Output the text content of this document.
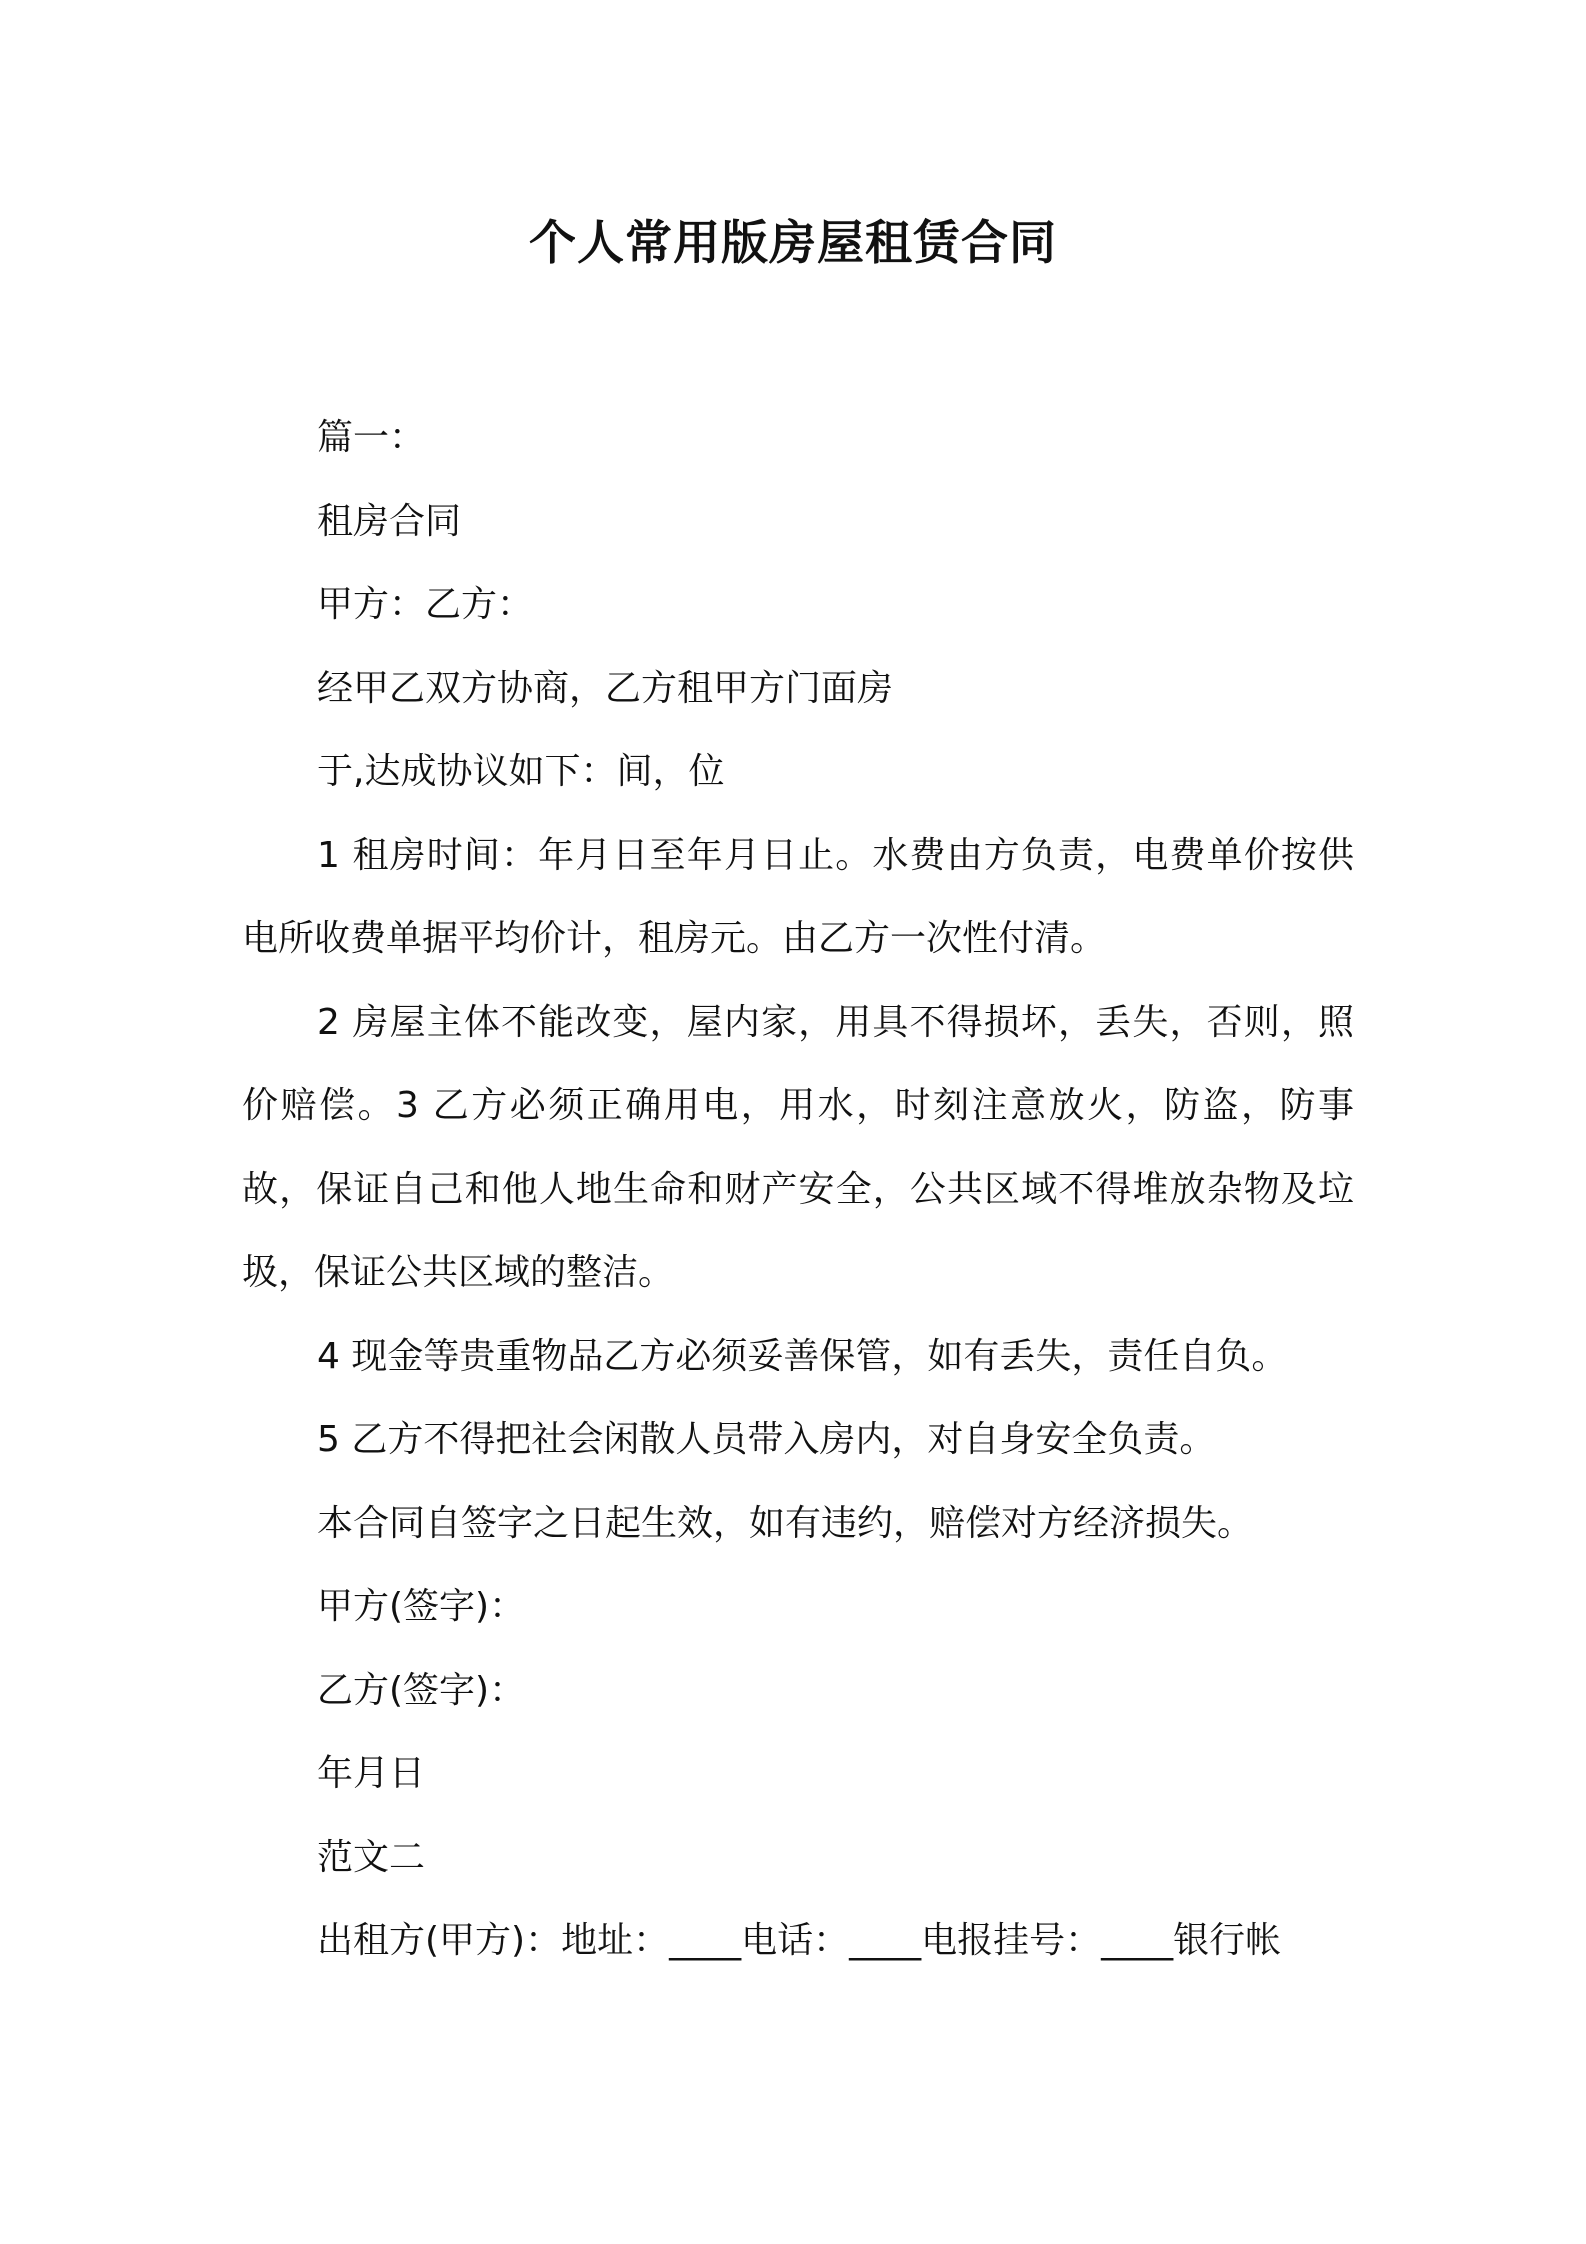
个人常用版房屋租赁合同

篇一：

租房合同

甲方：乙方：

经甲乙双方协商，乙方租甲方门面房

于,达成协议如下：间，位

1 租房时间：年月日至年月日止。水费由方负责，电费单价按供电所收费单据平均价计，租房元。由乙方一次性付清。

2 房屋主体不能改变，屋内家，用具不得损坏，丢失，否则，照价赔偿。3 乙方必须正确用电，用水，时刻注意放火，防盗，防事故，保证自己和他人地生命和财产安全，公共区域不得堆放杂物及垃圾，保证公共区域的整洁。

4 现金等贵重物品乙方必须妥善保管，如有丢失，责任自负。

5 乙方不得把社会闲散人员带入房内，对自身安全负责。

本合同自签字之日起生效，如有违约，赔偿对方经济损失。

甲方(签字)：

乙方(签字)：

年月日

范文二

出租方(甲方)：地址：____电话：____电报挂号：____银行帐
